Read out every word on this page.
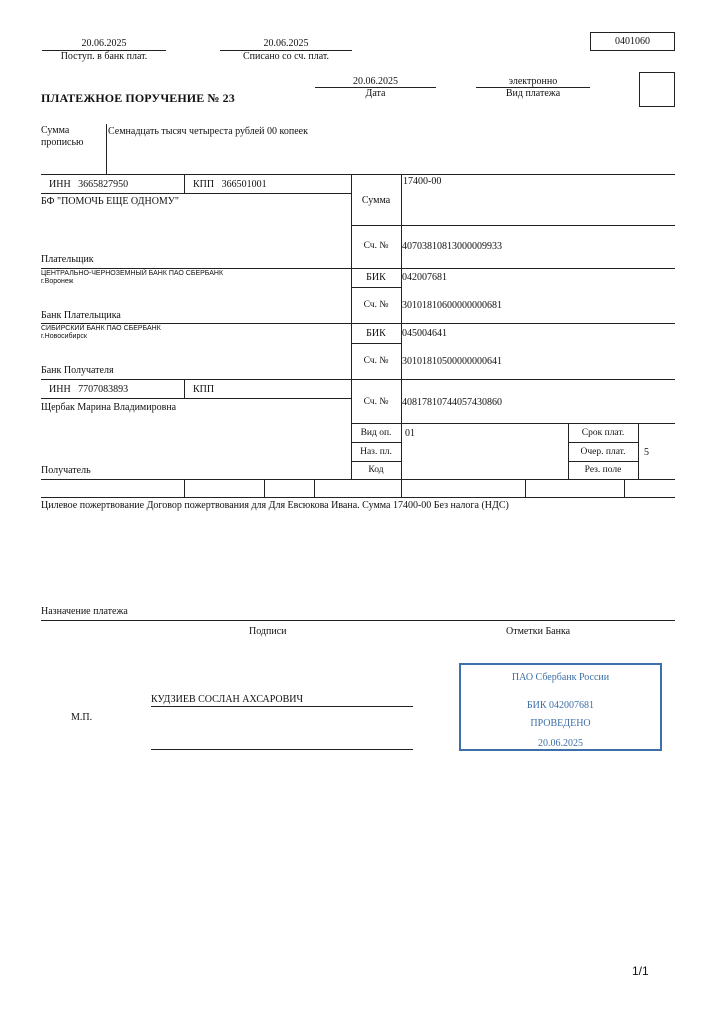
20.06.2025
Поступ. в банк плат.
20.06.2025
Списано со сч. плат.
0401060
ПЛАТЕЖНОЕ ПОРУЧЕНИЕ № 23
20.06.2025
Дата
электронно
Вид платежа
Сумма
прописью
Семнадцать тысяч четыреста рублей 00 копеек
ИНН 3665827950	КПП 366501001
БФ "ПОМОЧЬ ЕЩЕ ОДНОМУ"
Плательщик
Сумма
17400-00
Сч. №	40703810813000009933
ЦЕНТРАЛЬНО-ЧЕРНОЗЕМНЫЙ БАНК ПАО СБЕРБАНК
г.Воронеж
Банк Плательщика
БИК	042007681
Сч. №	30101810600000000681
СИБИРСКИЙ БАНК ПАО СБЕРБАНК
г.Новосибирск
Банк Получателя
БИК	045004641
Сч. №	30101810500000000641
ИНН 7707083893	КПП
Щербак Марина Владимировна	Сч. №	40817810744057430860
Вид оп.	01
Наз. пл.
Код
Срок плат.
Очер. плат.	5
Рез. поле
Получатель
Цилевое пожертвование Договор пожертвования для Для Евсюкова Ивана. Сумма 17400-00 Без налога (НДС)
Назначение платежа
Подписи	Отметки Банка
М.П.
КУДЗИЕВ СОСЛАН АХСАРОВИЧ
ПАО Сбербанк России
БИК 042007681
ПРОВЕДЕНО
20.06.2025
1/1
